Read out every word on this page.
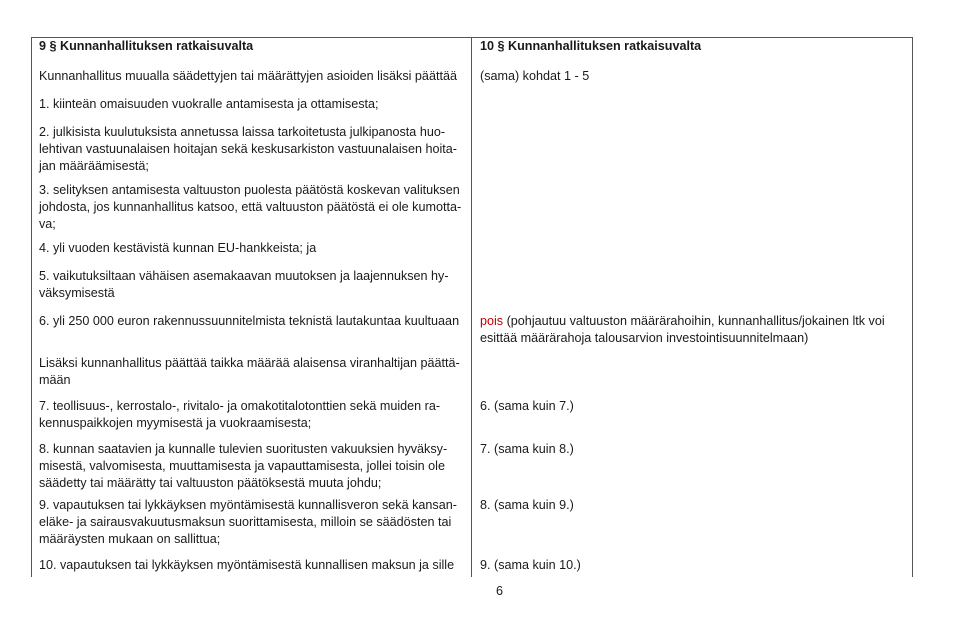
9 § Kunnanhallituksen ratkaisuvalta

Kunnanhallitus muualla säädettyjen tai määrättyjen asioiden lisäksi päättää

1. kiinteän omaisuuden vuokralle antamisesta ja ottamisesta;

2. julkisista kuulutuksista annetussa laissa tarkoitetusta julkipanosta huo-

lehtivan vastuunalaisen hoitajan sekä keskusarkiston vastuunalaisen hoita-

jan määräämisestä;

3. selityksen antamisesta valtuuston puolesta päätöstä koskevan valituksen

johdosta, jos kunnanhallitus katsoo, että valtuuston päätöstä ei ole kumotta-

va;

4. yli vuoden kestävistä kunnan EU-hankkeista; ja

5. vaikutuksiltaan vähäisen asemakaavan muutoksen ja laajennuksen hy-

väksymisestä

6. yli 250 000 euron rakennussuunnitelmista teknistä lautakuntaa kuultuaan

Lisäksi kunnanhallitus päättää taikka määrää alaisensa viranhaltijan päättä-

mään

7. teollisuus-, kerrostalo-, rivitalo- ja omakotitalotonttien sekä muiden ra-

kennuspaikkojen myymisestä ja vuokraamisesta;

8. kunnan saatavien ja kunnalle tulevien suoritusten vakuuksien hyväksy-

misestä, valvomisesta, muuttamisesta ja vapauttamisesta, jollei toisin ole

säädetty tai määrätty tai valtuuston päätöksestä muuta johdu;

9. vapautuksen tai lykkäyksen myöntämisestä kunnallisveron sekä kansan-

eläke- ja sairausvakuutusmaksun suorittamisesta, milloin se säädösten tai

määräysten mukaan on sallittua;

10. vapautuksen tai lykkäyksen myöntämisestä kunnallisen maksun ja sille

10 § Kunnanhallituksen ratkaisuvalta

(sama) kohdat 1 - 5

pois (pohjautuu valtuuston määrärahoihin, kunnanhallitus/jokainen ltk voi

esittää määrärahoja talousarvion investointisuunnitelmaan)

6. (sama kuin 7.)

7. (sama kuin 8.)

8. (sama kuin 9.)

9. (sama kuin 10.)

6
